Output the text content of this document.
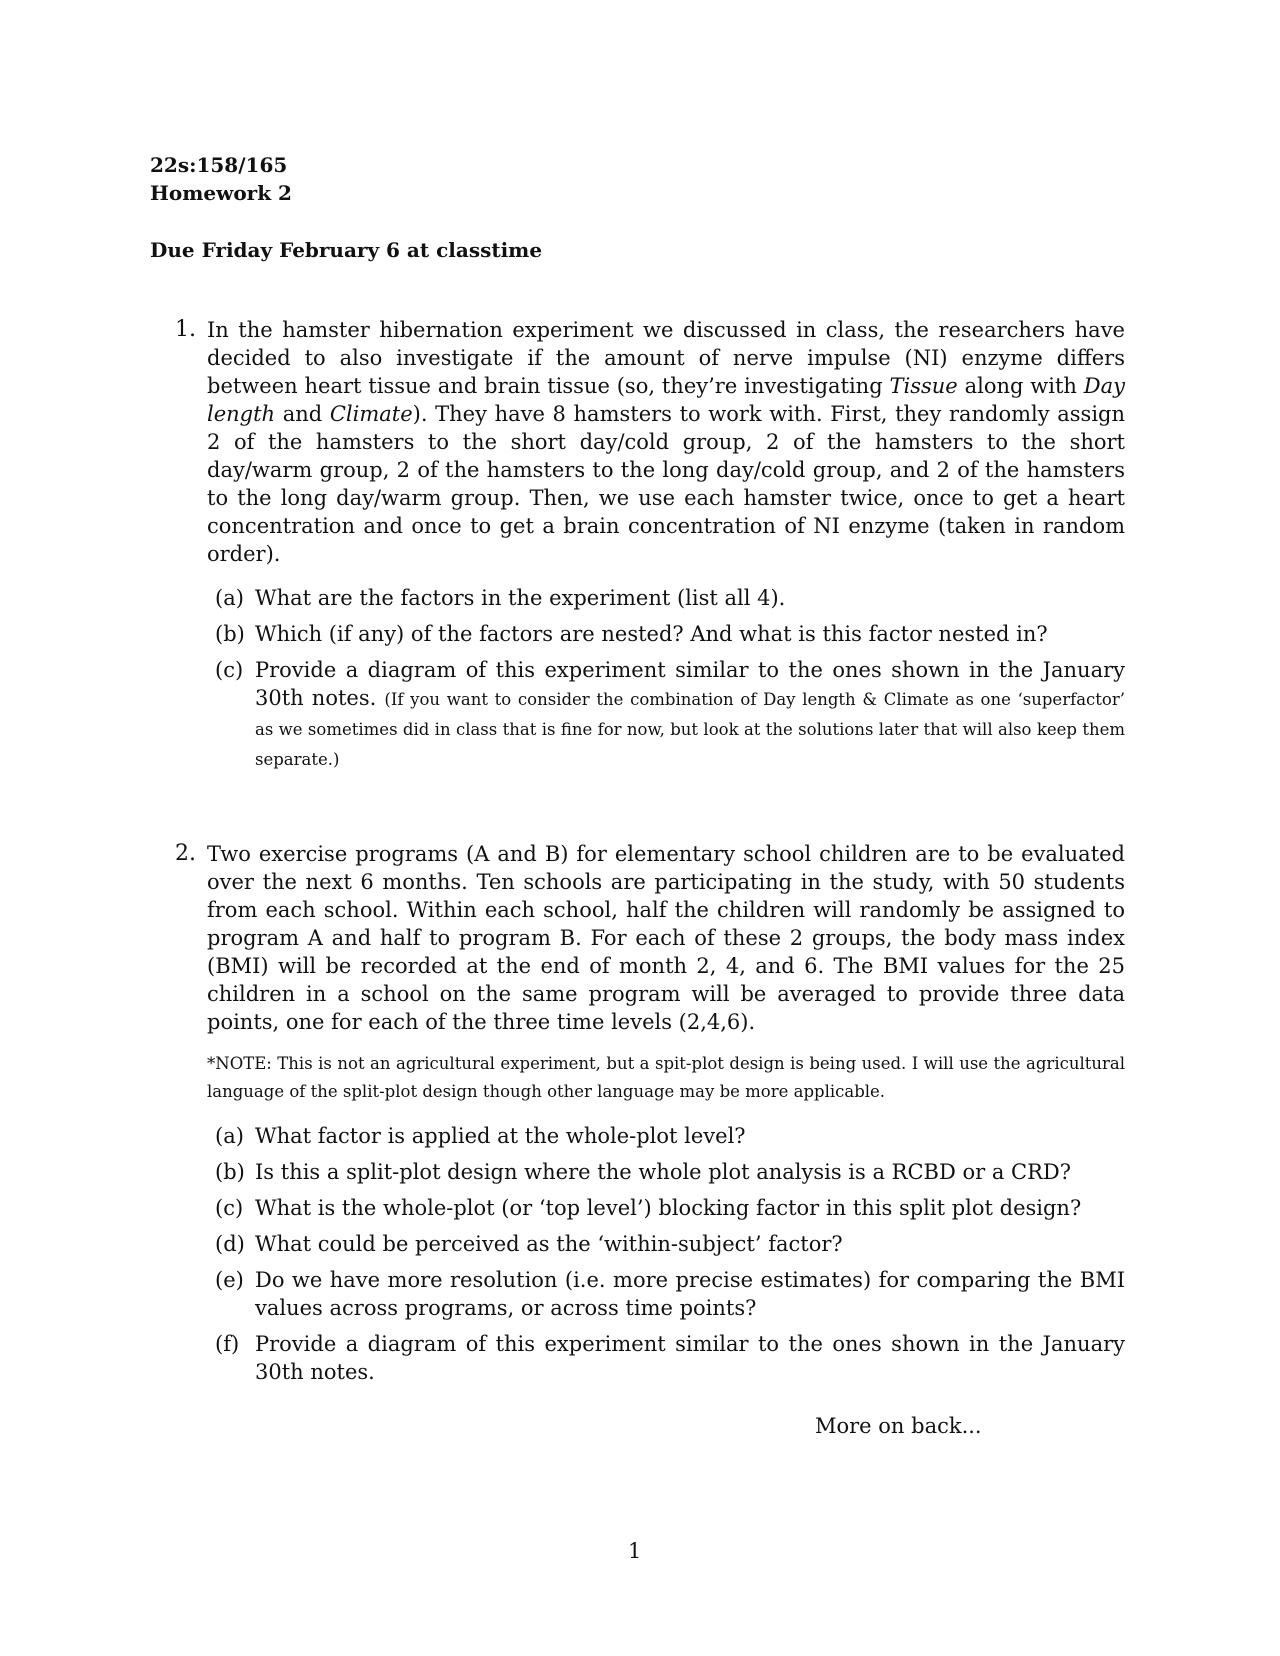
22s:158/165
Homework 2
Due Friday February 6 at classtime
1. In the hamster hibernation experiment we discussed in class, the researchers have decided to also investigate if the amount of nerve impulse (NI) enzyme differs between heart tissue and brain tissue (so, they’re investigating Tissue along with Day length and Climate). They have 8 hamsters to work with. First, they randomly assign 2 of the hamsters to the short day/cold group, 2 of the hamsters to the short day/warm group, 2 of the hamsters to the long day/cold group, and 2 of the hamsters to the long day/warm group. Then, we use each hamster twice, once to get a heart concentration and once to get a brain concentration of NI enzyme (taken in random order).
(a) What are the factors in the experiment (list all 4).
(b) Which (if any) of the factors are nested? And what is this factor nested in?
(c) Provide a diagram of this experiment similar to the ones shown in the January 30th notes. (If you want to consider the combination of Day length & Climate as one ‘superfactor’ as we sometimes did in class that is fine for now, but look at the solutions later that will also keep them separate.)
2. Two exercise programs (A and B) for elementary school children are to be evaluated over the next 6 months. Ten schools are participating in the study, with 50 students from each school. Within each school, half the children will randomly be assigned to program A and half to program B. For each of these 2 groups, the body mass index (BMI) will be recorded at the end of month 2, 4, and 6. The BMI values for the 25 children in a school on the same program will be averaged to provide three data points, one for each of the three time levels (2,4,6).
*NOTE: This is not an agricultural experiment, but a spit-plot design is being used. I will use the agricultural language of the split-plot design though other language may be more applicable.
(a) What factor is applied at the whole-plot level?
(b) Is this a split-plot design where the whole plot analysis is a RCBD or a CRD?
(c) What is the whole-plot (or ‘top level’) blocking factor in this split plot design?
(d) What could be perceived as the ‘within-subject’ factor?
(e) Do we have more resolution (i.e. more precise estimates) for comparing the BMI values across programs, or across time points?
(f) Provide a diagram of this experiment similar to the ones shown in the January 30th notes.
More on back...
1
